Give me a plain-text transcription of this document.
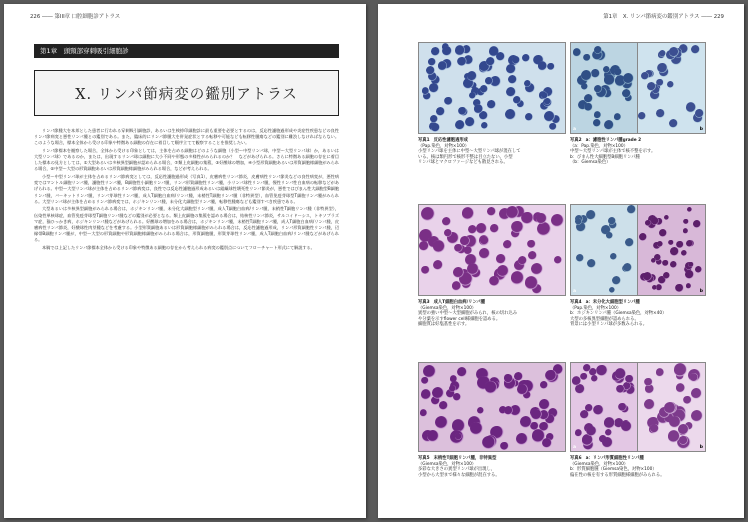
226 ―― 第III章 口腔細胞診アトラス
第1章　頭頸部穿刺吸引細胞診
X. リンパ節病変の鑑別アトラス

リンパ節腫大を本邦とした患者に行われる穿刺吸引細胞診，あるいは生検捺印細胞診に最も重要を必要とするのは，反応性濾胞過形成や炎症性疾患などの良性リンパ節病変と悪性リンパ腫との鑑別である。また，臨床的にリンパ節腫大を併発症状とする転移や可能なども転移性腫瘍などの鑑別に難渋しなければならない。このような場合，標本全体から受ける印象や特徴ある細胞の存在に着目して順序立てて観察することを推奨したい。

リンパ節標本を観察した場合，全体から受ける印象としては，主体を占める細胞はどのような細胞（小型～中型リンパ球，中型～大型リンパ球）か，あるいは大型リンパ球）であるのか，または，出現するリンパ球は細胞に大小不同や形態の多様性がみられるのか？　などがあげられる。さらに特徴ある細胞の存在に着目した標本の見方としては，①大型あるいは多核異型細胞が認められる場合，②類上皮細胞の集簇，③好酸球の増加，④小型形質細胞あるいは形質細胞様細胞がみられる場合，⑤中型～大型の形質細胞あるいは形質細胞様細胞がみられる場合，などが考えられる。

小型～中型リンパ球が主体を占めるリンパ節病変としては，反応性濾胞過形成（写真1），皮膚病性リンパ節炎，皮膚病性リンパ節炎などの良性病変が，悪性病変ではマントル細胞リンパ腫，濾胞性リンパ腫，B細胞性小細胞リンパ腫，リンパ形質細胞性リンパ腫，小リンパ球性リンパ腫，慢性リンパ性白血病の転移などがあげられる。中型～大型リンパ球が主体を占めるリンパ節病変は，良性では反応性濾胞過形成あるいは組織球性壊死性リンパ節炎が，悪性ではびまん性大細胞型B細胞リンパ腫，バーキットリンパ腫，リンパ芽球性リンパ腫，成人T細胞白血病/リンパ腫，末梢性T細胞リンパ腫（非特異型），血管免疫芽球型T細胞リンパ腫がみられる。大型リンパ球が主体を占めるリンパ節病変では，ホジキンリンパ腫，未分化大細胞型リンパ腫，転移性腫瘍なども鑑別すべき疾患である。

大型あるいは多核異型細胞がみられる場合は，ホジキンリンパ腫，未分化大細胞型リンパ腫，成人T細胞白血病/リンパ腫，末梢性T細胞リンパ腫（非特異型），伝染性単核球症，血管免疫芽球型T細胞リンパ腫などの鑑別が必要となる。類上皮細胞の集簇を認める場合は，結核性リンパ節炎，サルコイドーシス，トキソプラズマ症，猫ひっかき病，ホジキンリンパ腫などがあげられる。好酸球の増加をみる場合は，ホジキンリンパ腫，末梢性T細胞リンパ腫，成人T細胞白血病/リンパ腫，皮膚病性リンパ節炎，好酸球性肉芽腫などを考慮する。小型形質細胞あるいは形質細胞様細胞がみられる場合は，反応性濾胞過形成，リンパ形質細胞性リンパ腫，辺縁帯B細胞リンパ腫が，中型～大型の形質細胞や形質細胞様細胞がみられる場合は，形質細胞腫，形質芽球性リンパ腫，成人T細胞白血病/リンパ腫などがあげられる。

本稿では上記したリンパ節標本全体から受ける印象や特徴ある細胞の存在から考えられる病変の鑑別点についてフローチャート形式にて解説する。

第1章　X. リンパ節病変の鑑別アトラス ―― 229
写真1 反応性濾胞過形成
（Pap.染色，対物×100）
小型リンパ球を主体に中型～大型リンパ球が混在して
いる。核は類円形で核形不整は目立たない。小型
リンパ球とマクロファージなども散見される。
a	b
写真2 a：濾胞性リンパ腫grade 2
（a：Pap.染色，対物×100）
中型～大型リンパ球が主体で核不整を示す。
b：びまん性大細胞型B細胞リンパ腫
（b：Giemsa染色）
写真3 成人T細胞白血病/リンパ腫
（Giemsa染色，対物×100）
異型の強い中型～大型細胞がみられ，核の切れ込み
や分葉を示すflower cell様細胞を認める。
細胞質は好塩基性を示す。
a	b
写真4 a：未分化大細胞型リンパ腫
（Pap.染色，対物×100）
b：ホジキンリンパ腫（Giemsa染色，対物×40）
大型の多核異型細胞が認められる。
背景には小型リンパ球が多数みられる。
写真5 末梢性T細胞リンパ腫，非特異型
（Giemsa染色，対物×100）
多彩な大きさの異型リンパ球が出現し，
小型から大型まで様々な細胞が混在する。
a	b
写真6 a：リンパ形質細胞性リンパ腫
（Giemsa染色，対物×100）
b：形質細胞腫（Giemsa染色，対物×100）
偏在性の核を有する形質細胞様細胞がみられる。
